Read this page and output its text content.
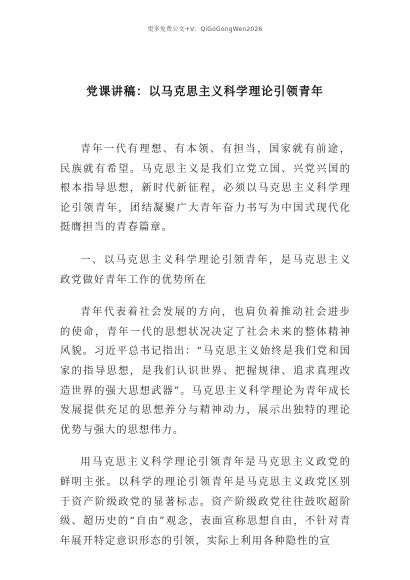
更多免费公文+V：QiGoGongWen2026
党课讲稿：以马克思主义科学理论引领青年

青年一代有理想、有本领、有担当，国家就有前途，民族就有希望。马克思主义是我们立党立国、兴党兴国的根本指导思想，新时代新征程，必须以马克思主义科学理论引领青年，团结凝聚广大青年奋力书写为中国式现代化挺膺担当的青春篇章。

一、以马克思主义科学理论引领青年，是马克思主义政党做好青年工作的优势所在

青年代表着社会发展的方向，也肩负着推动社会进步的使命，青年一代的思想状况决定了社会未来的整体精神风貌。习近平总书记指出：“马克思主义始终是我们党和国家的指导思想，是我们认识世界、把握规律、追求真理改造世界的强大思想武器”。马克思主义科学理论为青年成长发展提供充足的思想养分与精神动力，展示出独特的理论优势与强大的思想伟力。

用马克思主义科学理论引领青年是马克思主义政党的鲜明主张。以科学的理论引领青年是马克思主义政党区别于资产阶级政党的显著标志。资产阶级政党往往鼓吹超阶级、超历史的“自由”观念，表面宣称思想自由，不针对青年展开特定意识形态的引领，实际上利用各种隐性的宣
